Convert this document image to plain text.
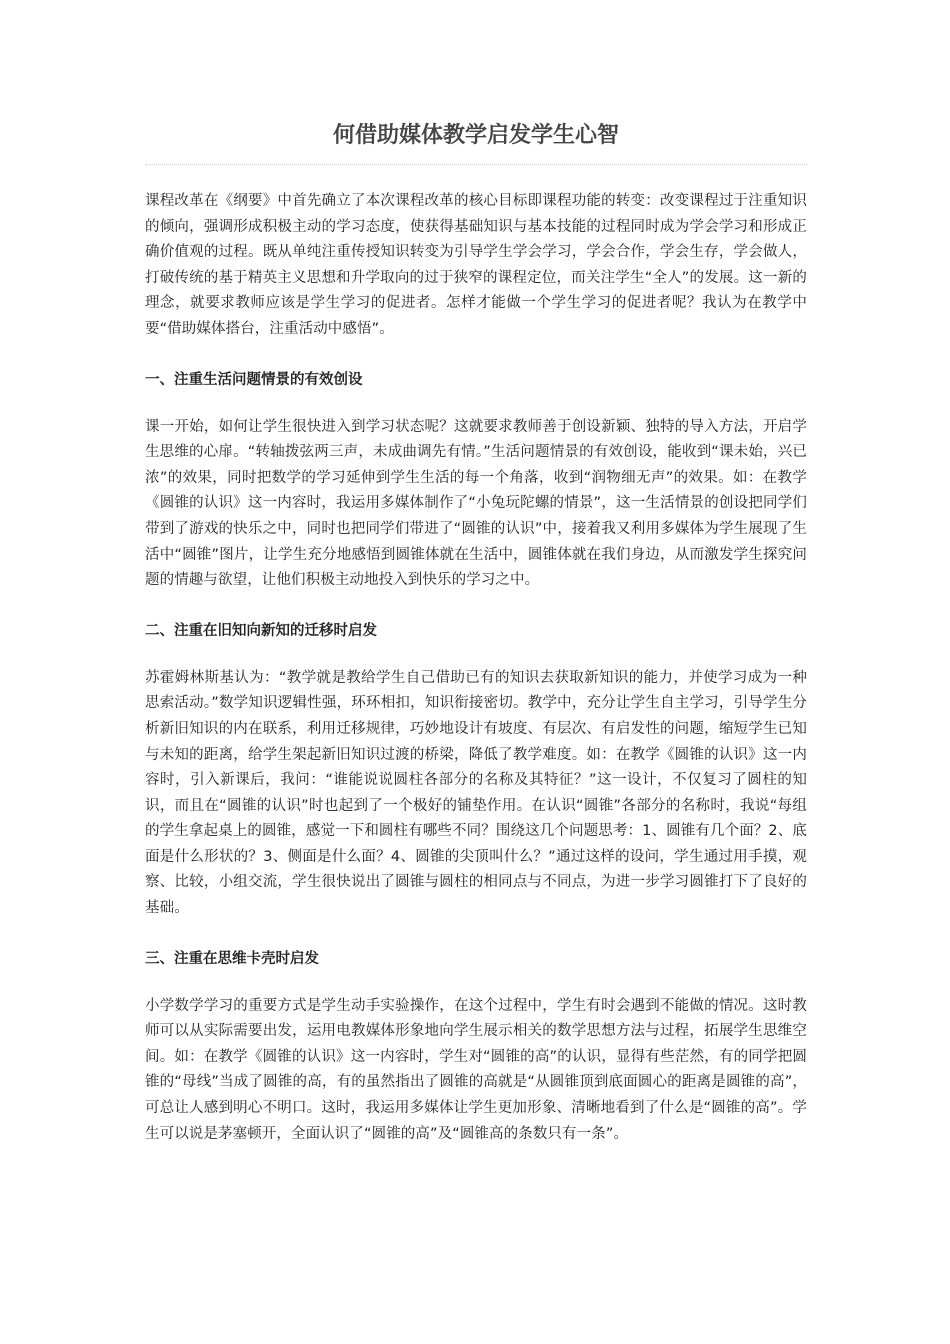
何借助媒体教学启发学生心智

课程改革在《纲要》中首先确立了本次课程改革的核心目标即课程功能的转变：改变课程过于注重知识的倾向，强调形成积极主动的学习态度，使获得基础知识与基本技能的过程同时成为学会学习和形成正确价值观的过程。既从单纯注重传授知识转变为引导学生学会学习，学会合作，学会生存，学会做人，打破传统的基于精英主义思想和升学取向的过于狭窄的课程定位，而关注学生“全人”的发展。这一新的理念，就要求教师应该是学生学习的促进者。怎样才能做一个学生学习的促进者呢？我认为在教学中要“借助媒体搭台，注重活动中感悟”。

一、注重生活问题情景的有效创设

课一开始，如何让学生很快进入到学习状态呢？这就要求教师善于创设新颖、独特的导入方法，开启学生思维的心扉。“转轴拨弦两三声，未成曲调先有情。”生活问题情景的有效创设，能收到“课未始，兴已浓”的效果，同时把数学的学习延伸到学生生活的每一个角落，收到“润物细无声”的效果。如：在教学《圆锥的认识》这一内容时，我运用多媒体制作了“小兔玩陀螺的情景”，这一生活情景的创设把同学们带到了游戏的快乐之中，同时也把同学们带进了“圆锥的认识”中，接着我又利用多媒体为学生展现了生活中“圆锥”图片，让学生充分地感悟到圆锥体就在生活中，圆锥体就在我们身边，从而激发学生探究问题的情趣与欲望，让他们积极主动地投入到快乐的学习之中。

二、注重在旧知向新知的迁移时启发

苏霍姆林斯基认为：“教学就是教给学生自己借助已有的知识去获取新知识的能力，并使学习成为一种思索活动。”数学知识逻辑性强，环环相扣，知识衔接密切。教学中，充分让学生自主学习，引导学生分析新旧知识的内在联系，利用迁移规律，巧妙地设计有坡度、有层次、有启发性的问题，缩短学生已知与未知的距离，给学生架起新旧知识过渡的桥梁，降低了教学难度。如：在教学《圆锥的认识》这一内容时，引入新课后，我问：“谁能说说圆柱各部分的名称及其特征？”这一设计，不仅复习了圆柱的知识，而且在“圆锥的认识”时也起到了一个极好的铺垫作用。在认识“圆锥”各部分的名称时，我说“每组的学生拿起桌上的圆锥，感觉一下和圆柱有哪些不同？围绕这几个问题思考：1、圆锥有几个面？2、底面是什么形状的？3、侧面是什么面？4、圆锥的尖顶叫什么？”通过这样的设问，学生通过用手摸，观察、比较，小组交流，学生很快说出了圆锥与圆柱的相同点与不同点，为进一步学习圆锥打下了良好的基础。

三、注重在思维卡壳时启发

小学数学学习的重要方式是学生动手实验操作，在这个过程中，学生有时会遇到不能做的情况。这时教师可以从实际需要出发，运用电教媒体形象地向学生展示相关的数学思想方法与过程，拓展学生思维空间。如：在教学《圆锥的认识》这一内容时，学生对“圆锥的高”的认识，显得有些茫然，有的同学把圆锥的“母线”当成了圆锥的高，有的虽然指出了圆锥的高就是“从圆锥顶到底面圆心的距离是圆锥的高”，可总让人感到明心不明口。这时，我运用多媒体让学生更加形象、清晰地看到了什么是“圆锥的高”。学生可以说是茅塞顿开，全面认识了“圆锥的高”及“圆锥高的条数只有一条”。
